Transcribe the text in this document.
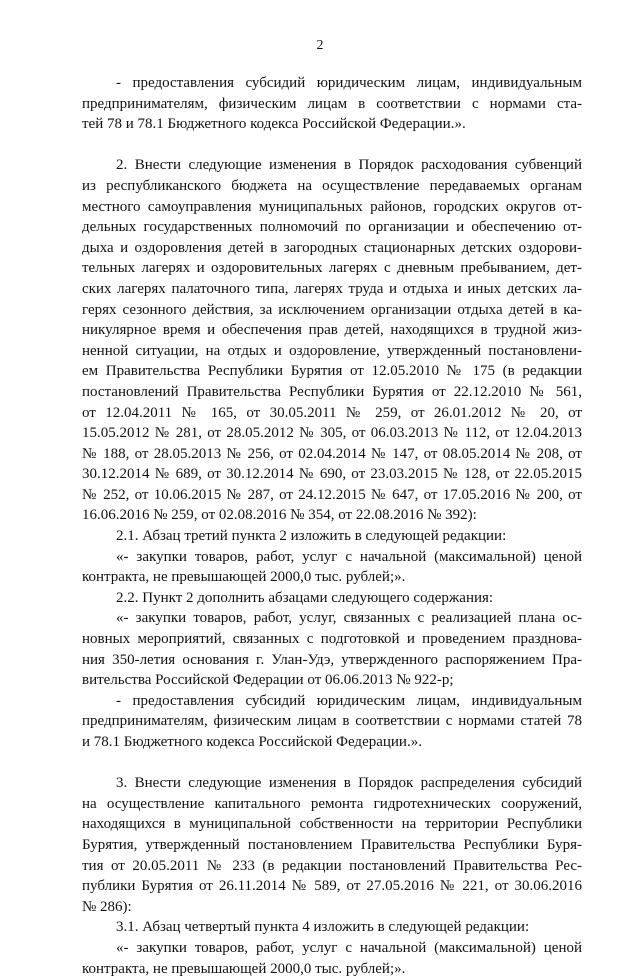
2
- предоставления субсидий юридическим лицам, индивидуальным
предпринимателям, физическим лицам в соответствии с нормами ста-
тей 78 и 78.1 Бюджетного кодекса Российской Федерации.».
2. Внести следующие изменения в Порядок расходования субвенций
из республиканского бюджета на осуществление передаваемых органам
местного самоуправления муниципальных районов, городских округов от-
дельных государственных полномочий по организации и обеспечению от-
дыха и оздоровления детей в загородных стационарных детских оздорови-
тельных лагерях и оздоровительных лагерях с дневным пребыванием, дет-
ских лагерях палаточного типа, лагерях труда и отдыха и иных детских ла-
герях сезонного действия, за исключением организации отдыха детей в ка-
никулярное время и обеспечения прав детей, находящихся в трудной жиз-
ненной ситуации, на отдых и оздоровление, утвержденный постановлени-
ем Правительства Республики Бурятия от 12.05.2010 № 175 (в редакции
постановлений Правительства Республики Бурятия от 22.12.2010 № 561,
от 12.04.2011 № 165, от 30.05.2011 № 259, от 26.01.2012 № 20, от
15.05.2012 № 281, от 28.05.2012 № 305, от 06.03.2013 № 112, от 12.04.2013
№ 188, от 28.05.2013 № 256, от 02.04.2014 № 147, от 08.05.2014 № 208, от
30.12.2014 № 689, от 30.12.2014 № 690, от 23.03.2015 № 128, от 22.05.2015
№ 252, от 10.06.2015 № 287, от 24.12.2015 № 647, от 17.05.2016 № 200, от
16.06.2016 № 259, от 02.08.2016 № 354, от 22.08.2016 № 392):
2.1. Абзац третий пункта 2 изложить в следующей редакции:
«- закупки товаров, работ, услуг с начальной (максимальной) ценой
контракта, не превышающей 2000,0 тыс. рублей;».
2.2. Пункт 2 дополнить абзацами следующего содержания:
«- закупки товаров, работ, услуг, связанных с реализацией плана ос-
новных мероприятий, связанных с подготовкой и проведением празднова-
ния 350-летия основания г. Улан-Удэ, утвержденного распоряжением Пра-
вительства Российской Федерации от 06.06.2013 № 922-р;
- предоставления субсидий юридическим лицам, индивидуальным
предпринимателям, физическим лицам в соответствии с нормами статей 78
и 78.1 Бюджетного кодекса Российской Федерации.».
3. Внести следующие изменения в Порядок распределения субсидий
на осуществление капитального ремонта гидротехнических сооружений,
находящихся в муниципальной собственности на территории Республики
Бурятия, утвержденный постановлением Правительства Республики Буря-
тия от 20.05.2011 № 233 (в редакции постановлений Правительства Рес-
публики Бурятия от 26.11.2014 № 589, от 27.05.2016 № 221, от 30.06.2016
№ 286):
3.1. Абзац четвертый пункта 4 изложить в следующей редакции:
«- закупки товаров, работ, услуг с начальной (максимальной) ценой
контракта, не превышающей 2000,0 тыс. рублей;».
